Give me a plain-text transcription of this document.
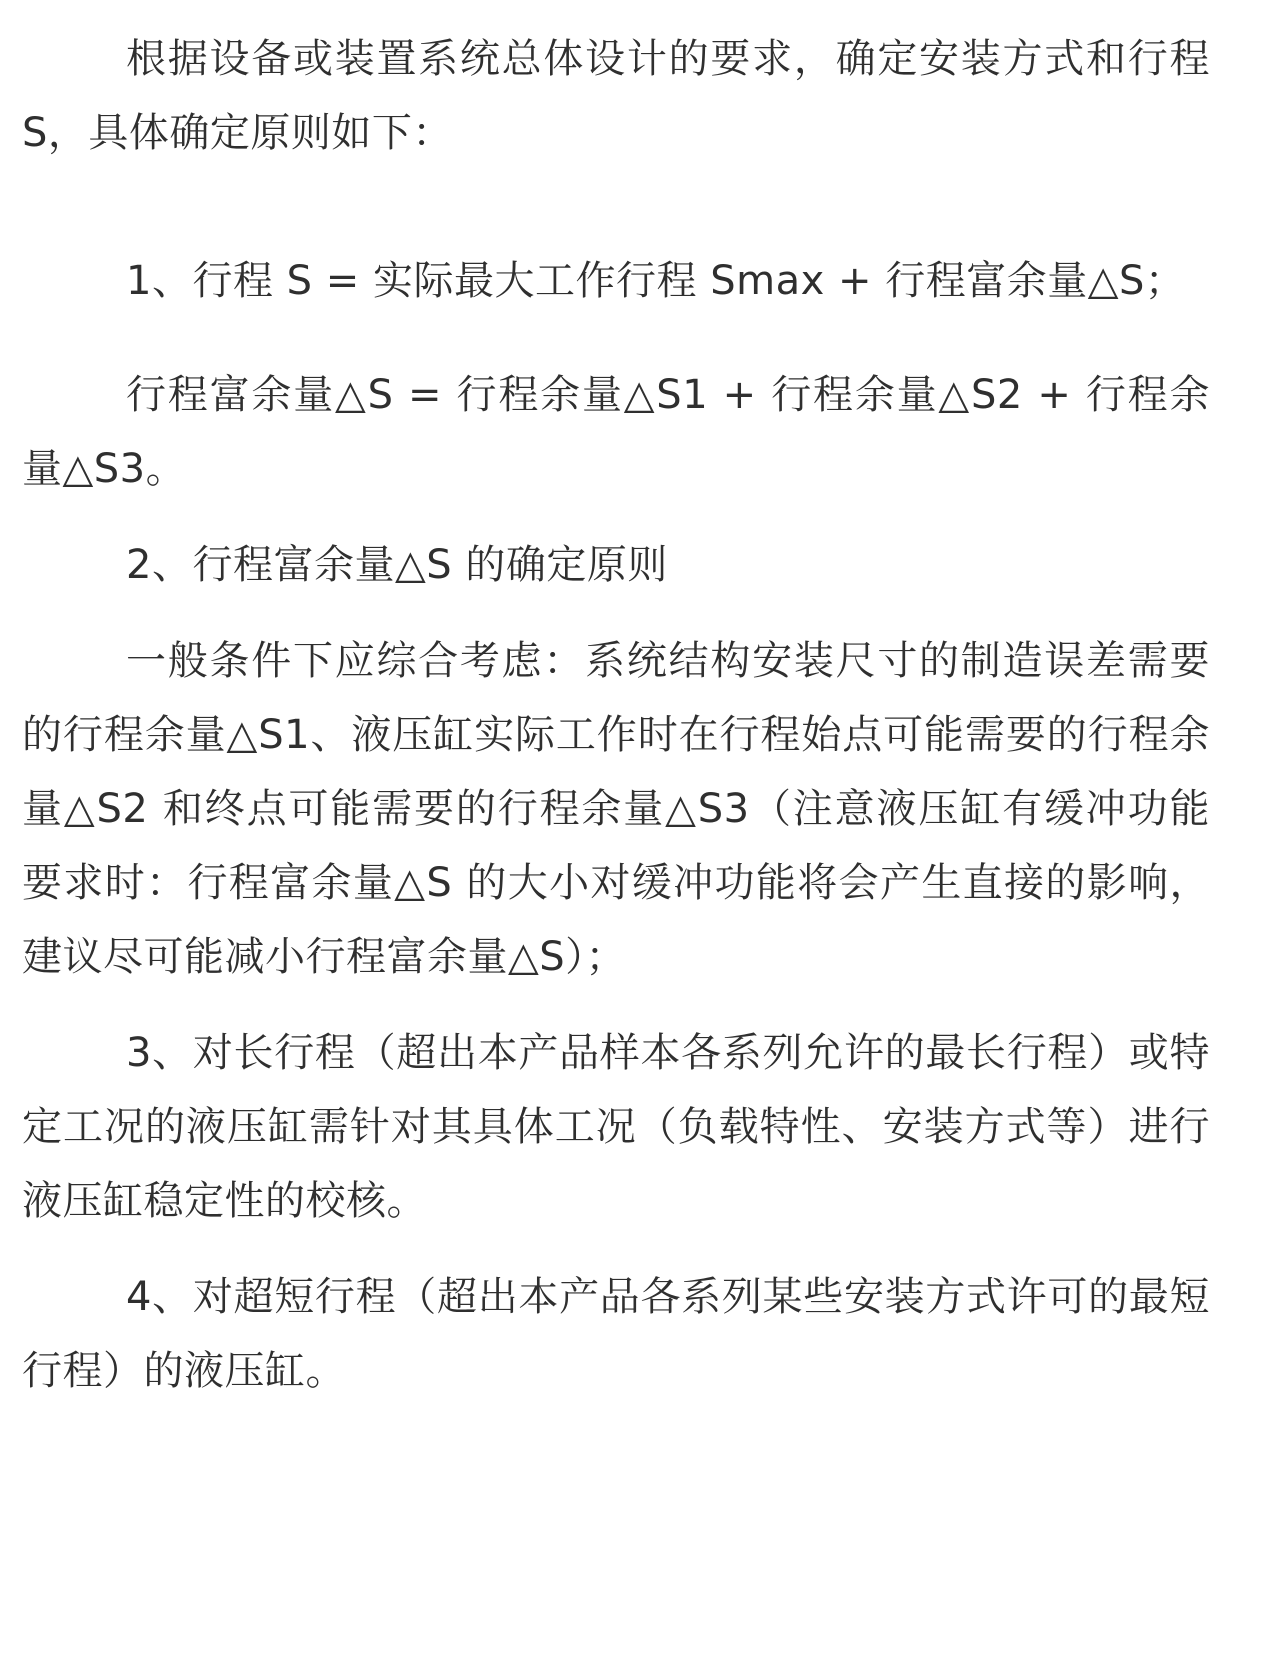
根据设备或装置系统总体设计的要求，确定安装方式和行程 S，具体确定原则如下：

1、行程 S = 实际最大工作行程 Smax + 行程富余量△S；

行程富余量△S = 行程余量△S1 + 行程余量△S2 + 行程余量△S3。

2、行程富余量△S 的确定原则

一般条件下应综合考虑：系统结构安装尺寸的制造误差需要的行程余量△S1、液压缸实际工作时在行程始点可能需要的行程余量△S2 和终点可能需要的行程余量△S3（注意液压缸有缓冲功能要求时：行程富余量△S 的大小对缓冲功能将会产生直接的影响，建议尽可能减小行程富余量△S）；

3、对长行程（超出本产品样本各系列允许的最长行程）或特定工况的液压缸需针对其具体工况（负载特性、安装方式等）进行液压缸稳定性的校核。

4、对超短行程（超出本产品各系列某些安装方式许可的最短行程）的液压缸。
